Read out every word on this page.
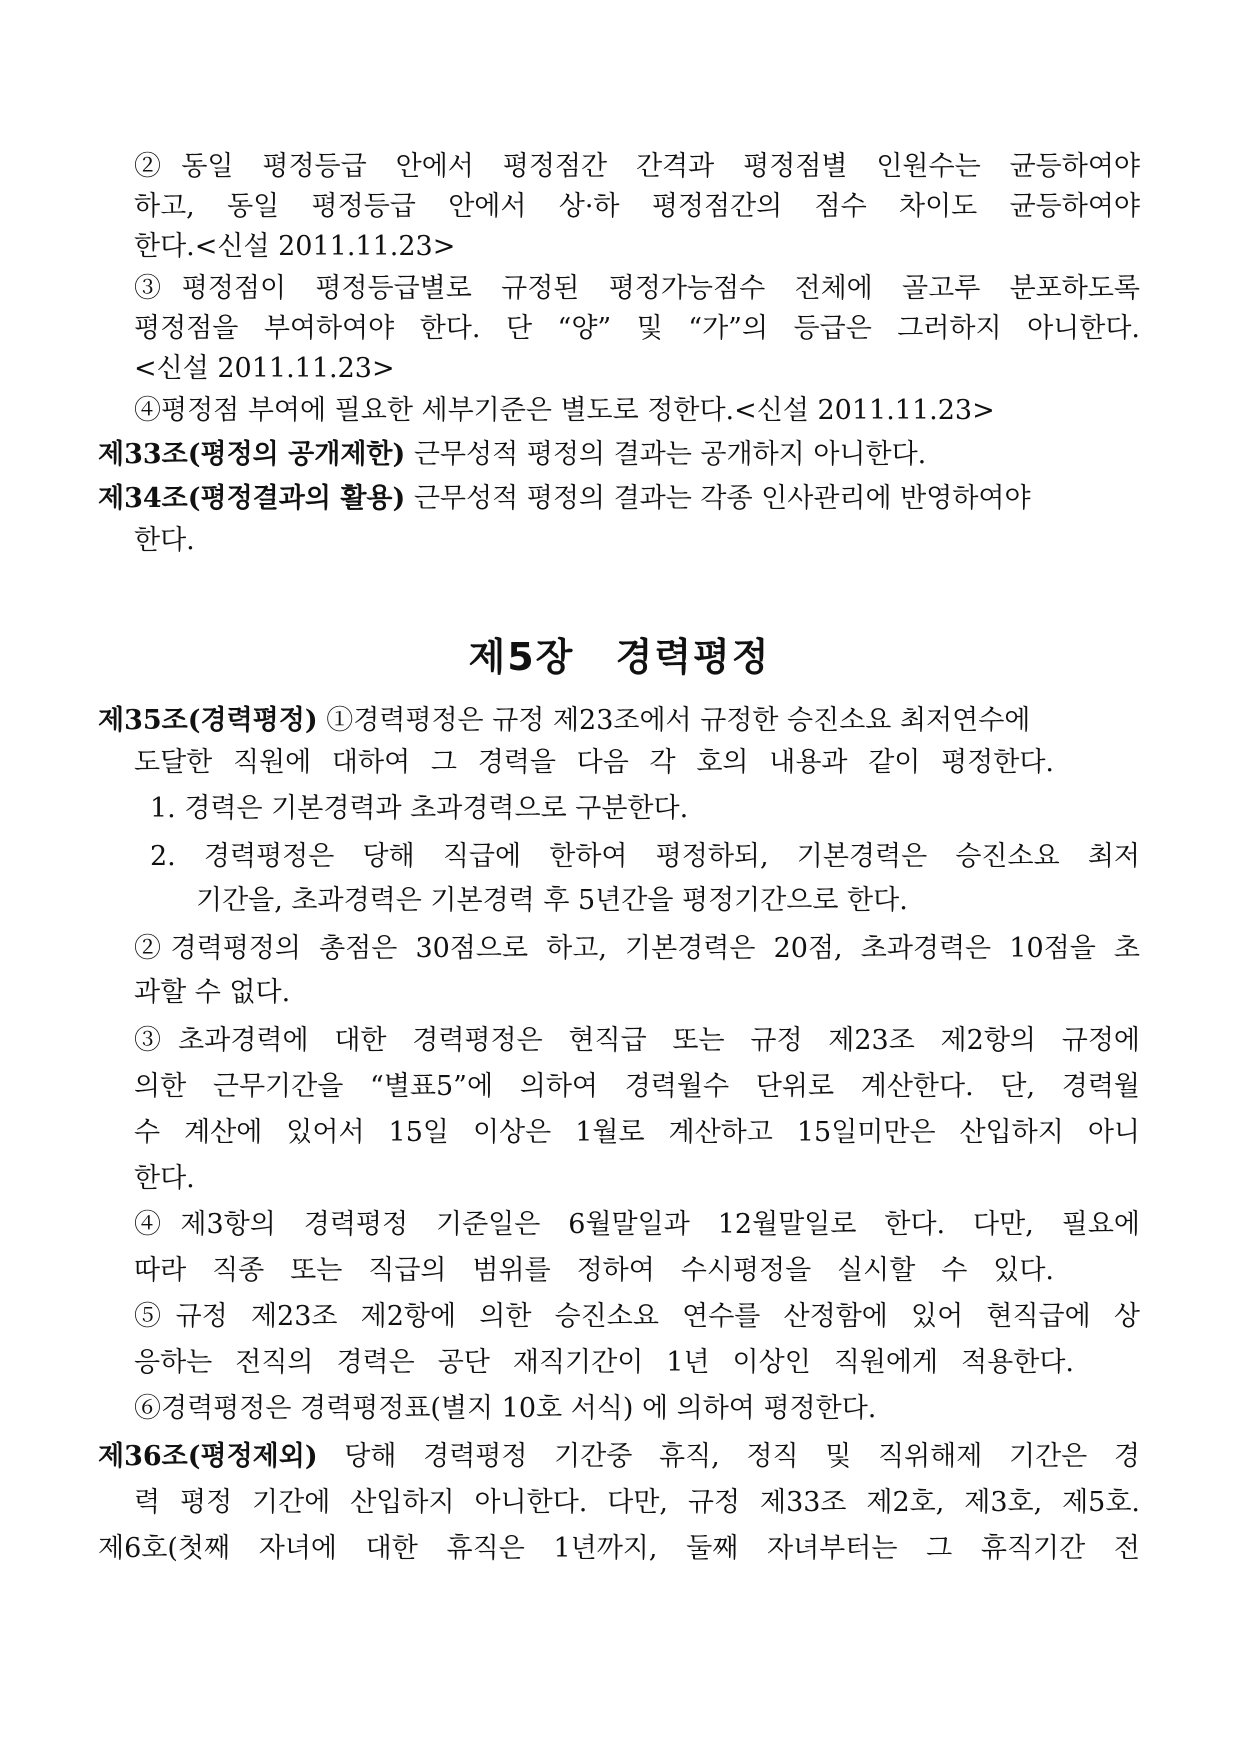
제5장 경력평정
②동일 평정등급 안에서 평정점간 간격과 평정점별 인원수는 균등하여야
하고, 동일 평정등급 안에서 상·하 평정점간의 점수 차이도 균등하여야
한다.<신설 2011.11.23>
③평정점이 평정등급별로 규정된 평정가능점수 전체에 골고루 분포하도록
평정점을 부여하여야 한다. 단 “양” 및 “가”의 등급은 그러하지 아니한다.
<신설 2011.11.23>
④평정점 부여에 필요한 세부기준은 별도로 정한다.<신설 2011.11.23>
제33조(평정의 공개제한) 근무성적 평정의 결과는 공개하지 아니한다.
제34조(평정결과의 활용) 근무성적 평정의 결과는 각종 인사관리에 반영하여야
한다.
제35조(경력평정) ①경력평정은 규정 제23조에서 규정한 승진소요 최저연수에
도달한 직원에 대하여 그 경력을 다음 각 호의 내용과 같이 평정한다.
1. 경력은 기본경력과 초과경력으로 구분한다.
2. 경력평정은 당해 직급에 한하여 평정하되, 기본경력은 승진소요 최저
기간을, 초과경력은 기본경력 후 5년간을 평정기간으로 한다.
②경력평정의 총점은 30점으로 하고, 기본경력은 20점, 초과경력은 10점을 초
과할 수 없다.
③초과경력에 대한 경력평정은 현직급 또는 규정 제23조 제2항의 규정에
의한 근무기간을 “별표5”에 의하여 경력월수 단위로 계산한다. 단, 경력월
수 계산에 있어서 15일 이상은 1월로 계산하고 15일미만은 산입하지 아니
한다.
④제3항의 경력평정 기준일은 6월말일과 12월말일로 한다. 다만, 필요에
따라 직종 또는 직급의 범위를 정하여 수시평정을 실시할 수 있다.
⑤규정 제23조 제2항에 의한 승진소요 연수를 산정함에 있어 현직급에 상
응하는 전직의 경력은 공단 재직기간이 1년 이상인 직원에게 적용한다.
⑥경력평정은 경력평정표(별지 10호 서식) 에 의하여 평정한다.
제36조(평정제외) 당해 경력평정 기간중 휴직, 정직 및 직위해제 기간은 경
력 평정 기간에 산입하지 아니한다. 다만, 규정 제33조 제2호, 제3호, 제5호.
제6호(첫째 자녀에 대한 휴직은 1년까지, 둘째 자녀부터는 그 휴직기간 전
